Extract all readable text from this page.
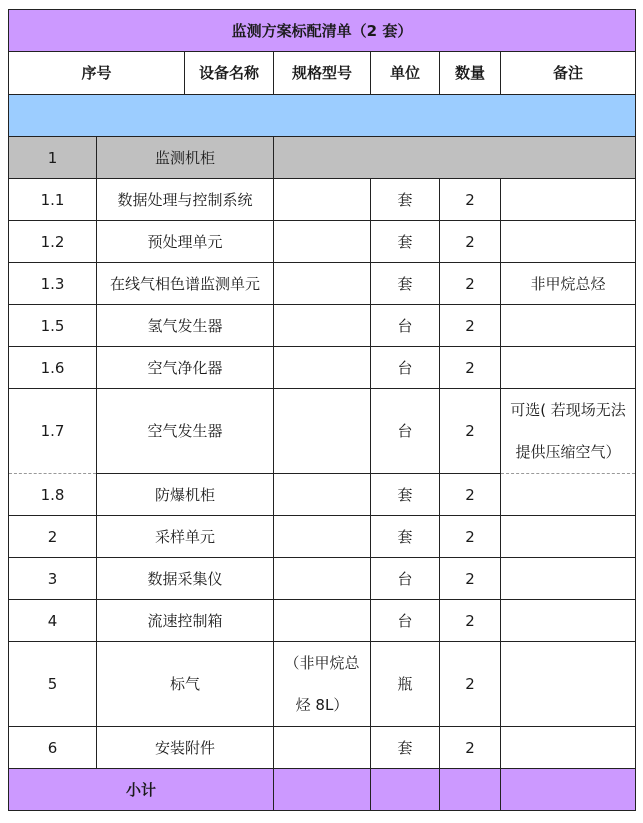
监测方案标配清单（2 套）						
序号		设备名称	规格型号	单位	数量	备注

1	监测机柜					
1.1	数据处理与控制系统			套	2	
1.2	预处理单元			套	2	
1.3	在线气相色谱监测单元			套	2	非甲烷总烃
1.5	氢气发生器			台	2	
1.6	空气净化器			台	2	
1.7	空气发生器			台	2	可选( 若现场无法
提供压缩空气）

1.8	防爆机柜			套	2	
2	采样单元			套	2	
3	数据采集仪			台	2	
4	流速控制箱			台	2	
5	标气		（非甲烷总
烃 8L）	瓶	2	
6	安装附件			套	2	
小计						
